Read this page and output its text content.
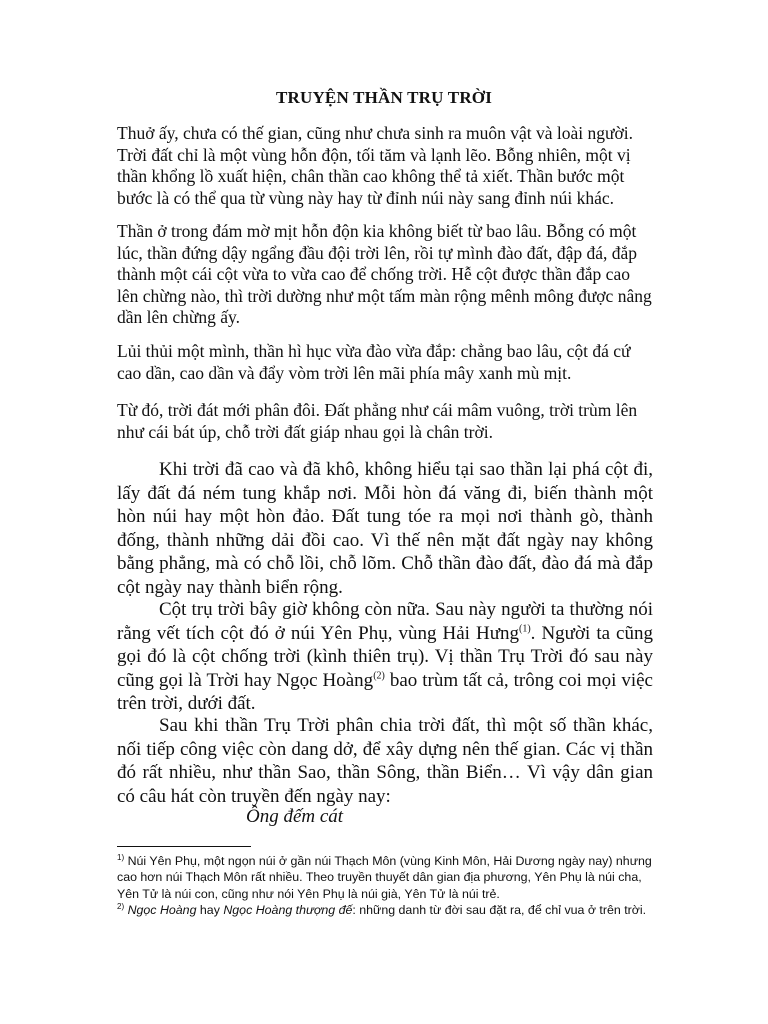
TRUYỆN THẦN TRỤ TRỜI
Thuở ấy, chưa có thế gian, cũng như chưa sinh ra muôn vật và loài người. Trời đất chỉ là một vùng hỗn độn, tối tăm và lạnh lẽo. Bỗng nhiên, một vị thần khổng lồ xuất hiện, chân thần cao không thể tả xiết. Thần bước một bước là có thể qua từ vùng này hay từ đỉnh núi này sang đỉnh núi khác.
Thần ở trong đám mờ mịt hỗn độn kia không biết từ bao lâu. Bỗng có một lúc, thần đứng dậy ngẩng đầu đội trời lên, rồi tự mình đào đất, đập đá, đắp thành một cái cột vừa to vừa cao để chống trời. Hễ cột được thần đắp cao lên chừng nào, thì trời dường như một tấm màn rộng mênh mông được nâng dần lên chừng ấy.
Lủi thủi một mình, thần hì hục vừa đào vừa đắp: chẳng bao lâu, cột đá cứ cao dần, cao dần và đẩy vòm trời lên mãi phía mây xanh mù mịt.
Từ đó, trời đát mới phân đôi. Đất phẳng như cái mâm vuông, trời trùm lên như cái bát úp, chỗ trời đất giáp nhau gọi là chân trời.

Khi trời đã cao và đã khô, không hiểu tại sao thần lại phá cột đi, lấy đất đá ném tung khắp nơi. Mỗi hòn đá văng đi, biến thành một hòn núi hay một hòn đảo. Đất tung tóe ra mọi nơi thành gò, thành đống, thành những dải đồi cao. Vì thế nên mặt đất ngày nay không bằng phẳng, mà có chỗ lồi, chỗ lõm. Chỗ thần đào đất, đào đá mà đắp cột ngày nay thành biển rộng.

Cột trụ trời bây giờ không còn nữa. Sau này người ta thường nói rằng vết tích cột đó ở núi Yên Phụ, vùng Hải Hưng$^{(1)}$. Người ta cũng gọi đó là cột chống trời (kình thiên trụ). Vị thần Trụ Trời đó sau này cũng gọi là Trời hay Ngọc Hoàng$^{(2)}$ bao trùm tất cả, trông coi mọi việc trên trời, dưới đất.

Sau khi thần Trụ Trời phân chia trời đất, thì một số thần khác, nối tiếp công việc còn dang dở, để xây dựng nên thế gian. Các vị thần đó rất nhiều, như thần Sao, thần Sông, thần Biển… Vì vậy dân gian có câu hát còn truyền đến ngày nay:

Ông đếm cát

$^{1)}$ Núi Yên Phụ, một ngọn núi ở gần núi Thạch Môn (vùng Kinh Môn, Hải Dương ngày nay) nhưng cao hơn núi Thạch Môn rất nhiều. Theo truyền thuyết dân gian địa phương, Yên Phụ là núi cha, Yên Tử là núi con, cũng như nói Yên Phụ là núi già, Yên Tử là núi trẻ.

$^{2)}$ Ngọc Hoàng hay Ngọc Hoàng thượng đế: những danh từ đời sau đặt ra, để chỉ vua ở trên trời.
